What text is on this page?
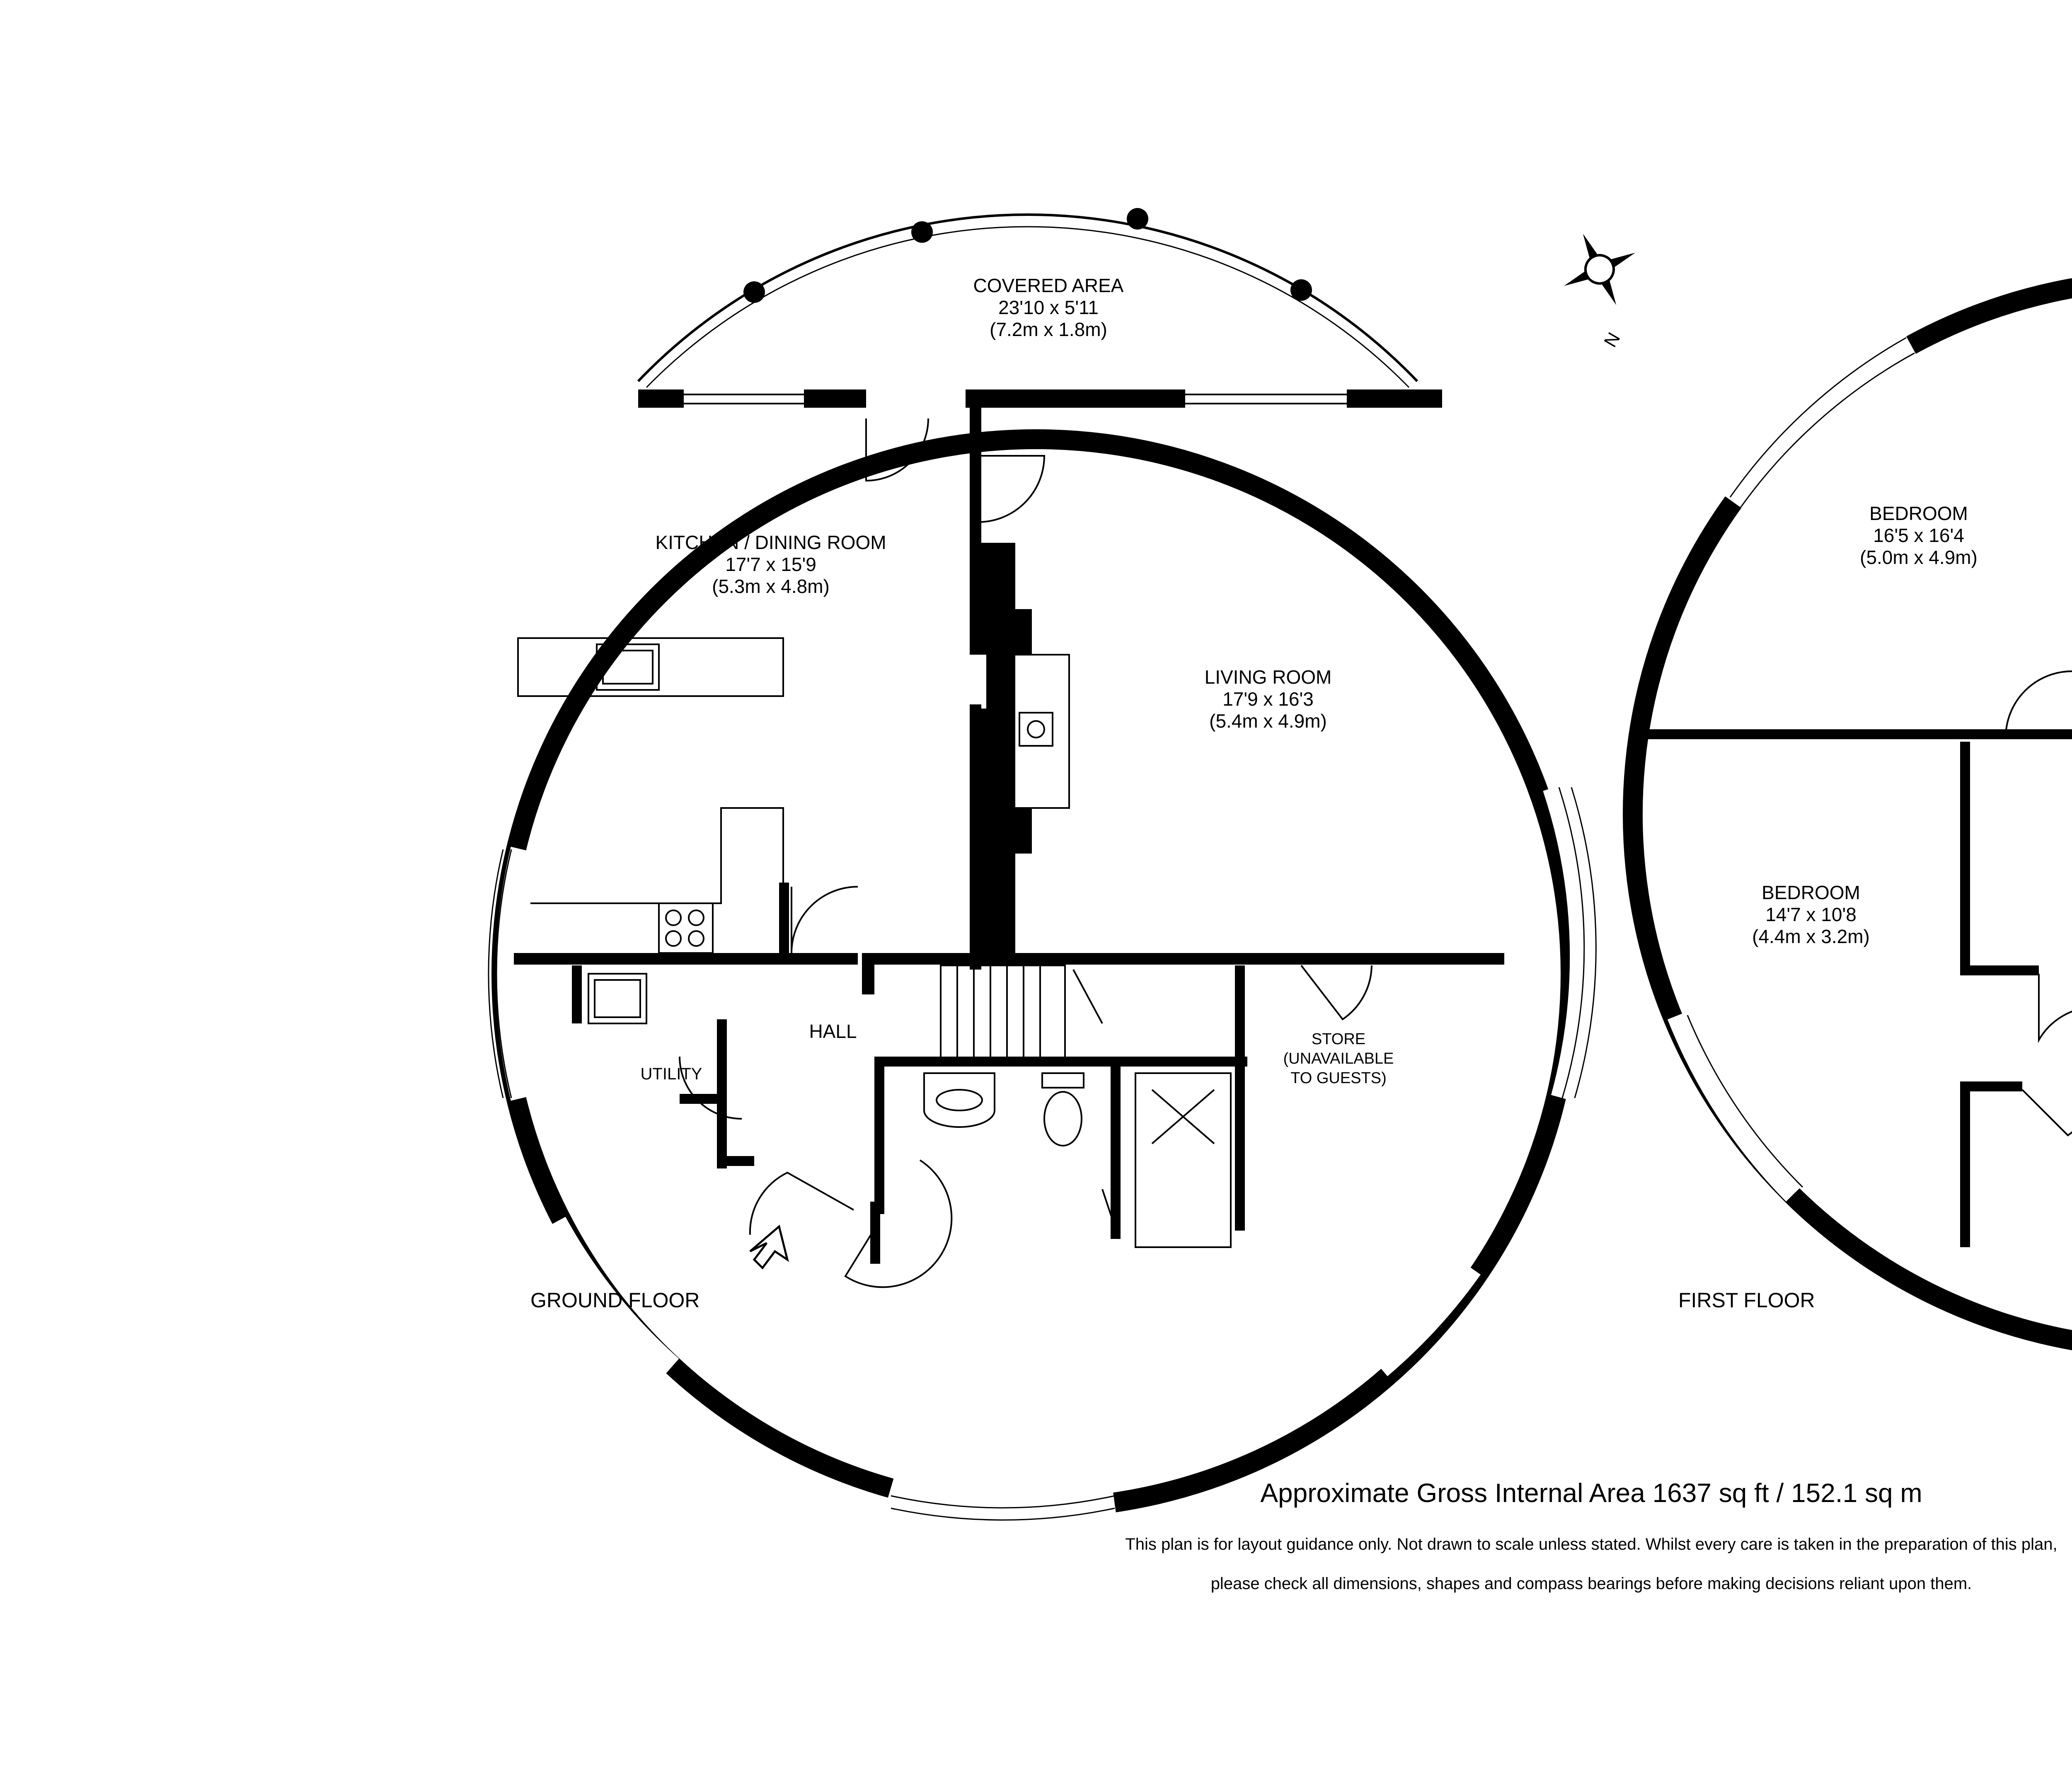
COVERED AREA
23'10 x 5'11
(7.2m x 1.8m)
KITCHEN / DINING ROOM
17'7 x 15'9
(5.3m x 4.8m)
LIVING ROOM
17'9 x 16'3
(5.4m x 4.9m)
HALL
UTILITY
STORE
(UNAVAILABLE
TO GUESTS)
GROUND FLOOR
N
BEDROOM
16'5 x 16'4
(5.0m x 4.9m)
BEDROOM
14'7 x 10'8
(4.4m x 3.2m)
FIRST FLOOR
Approximate Gross Internal Area 1637 sq ft / 152.1 sq m
This plan is for layout guidance only. Not drawn to scale unless stated. Whilst every care is taken in the preparation of this plan,
please check all dimensions, shapes and compass bearings before making decisions reliant upon them.
